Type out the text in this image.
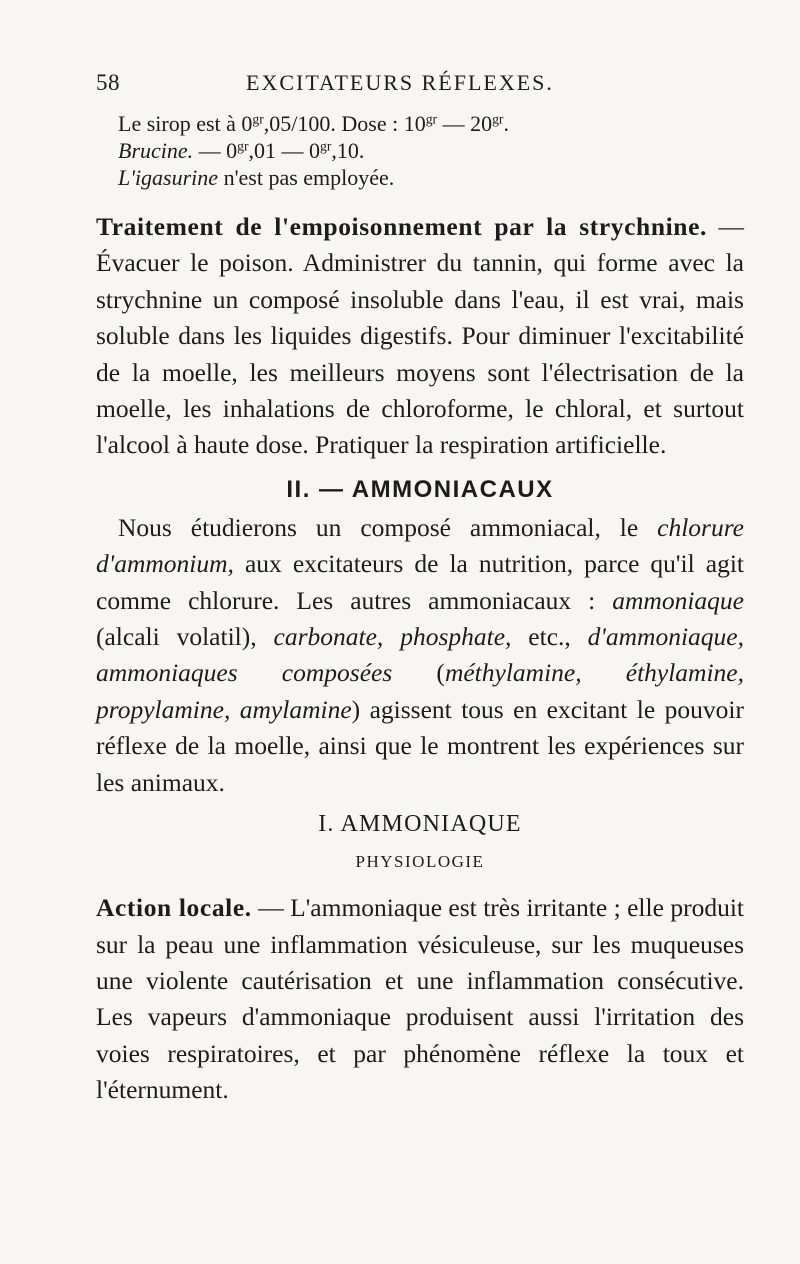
58	EXCITATEURS RÉFLEXES.
Le sirop est à $0^{gr},05/100$. Dose : $10^{gr}$ — $20^{gr}$.
Brucine. — $0^{gr},01$ — $0^{gr},10$.
L'igasurine n'est pas employée.

Traitement de l'empoisonnement par la strychnine. — Évacuer le poison. Administrer du tannin, qui forme avec la strychnine un composé insoluble dans l'eau, il est vrai, mais soluble dans les liquides digestifs. Pour diminuer l'excitabilité de la moelle, les meilleurs moyens sont l'électrisation de la moelle, les inhalations de chloroforme, le chloral, et surtout l'alcool à haute dose. Pratiquer la respiration artificielle.

II. — AMMONIACAUX

Nous étudierons un composé ammoniacal, le chlorure d'ammonium, aux excitateurs de la nutrition, parce qu'il agit comme chlorure. Les autres ammoniacaux : ammoniaque (alcali volatil), carbonate, phosphate, etc., d'ammoniaque, ammoniaques composées (méthylamine, éthylamine, propylamine, amylamine) agissent tous en excitant le pouvoir réflexe de la moelle, ainsi que le montrent les expériences sur les animaux.

I. AMMONIAQUE
PHYSIOLOGIE

Action locale. — L'ammoniaque est très irritante ; elle produit sur la peau une inflammation vésiculeuse, sur les muqueuses une violente cautérisation et une inflammation consécutive. Les vapeurs d'ammoniaque produisent aussi l'irritation des voies respiratoires, et par phénomène réflexe la toux et l'éternument.
